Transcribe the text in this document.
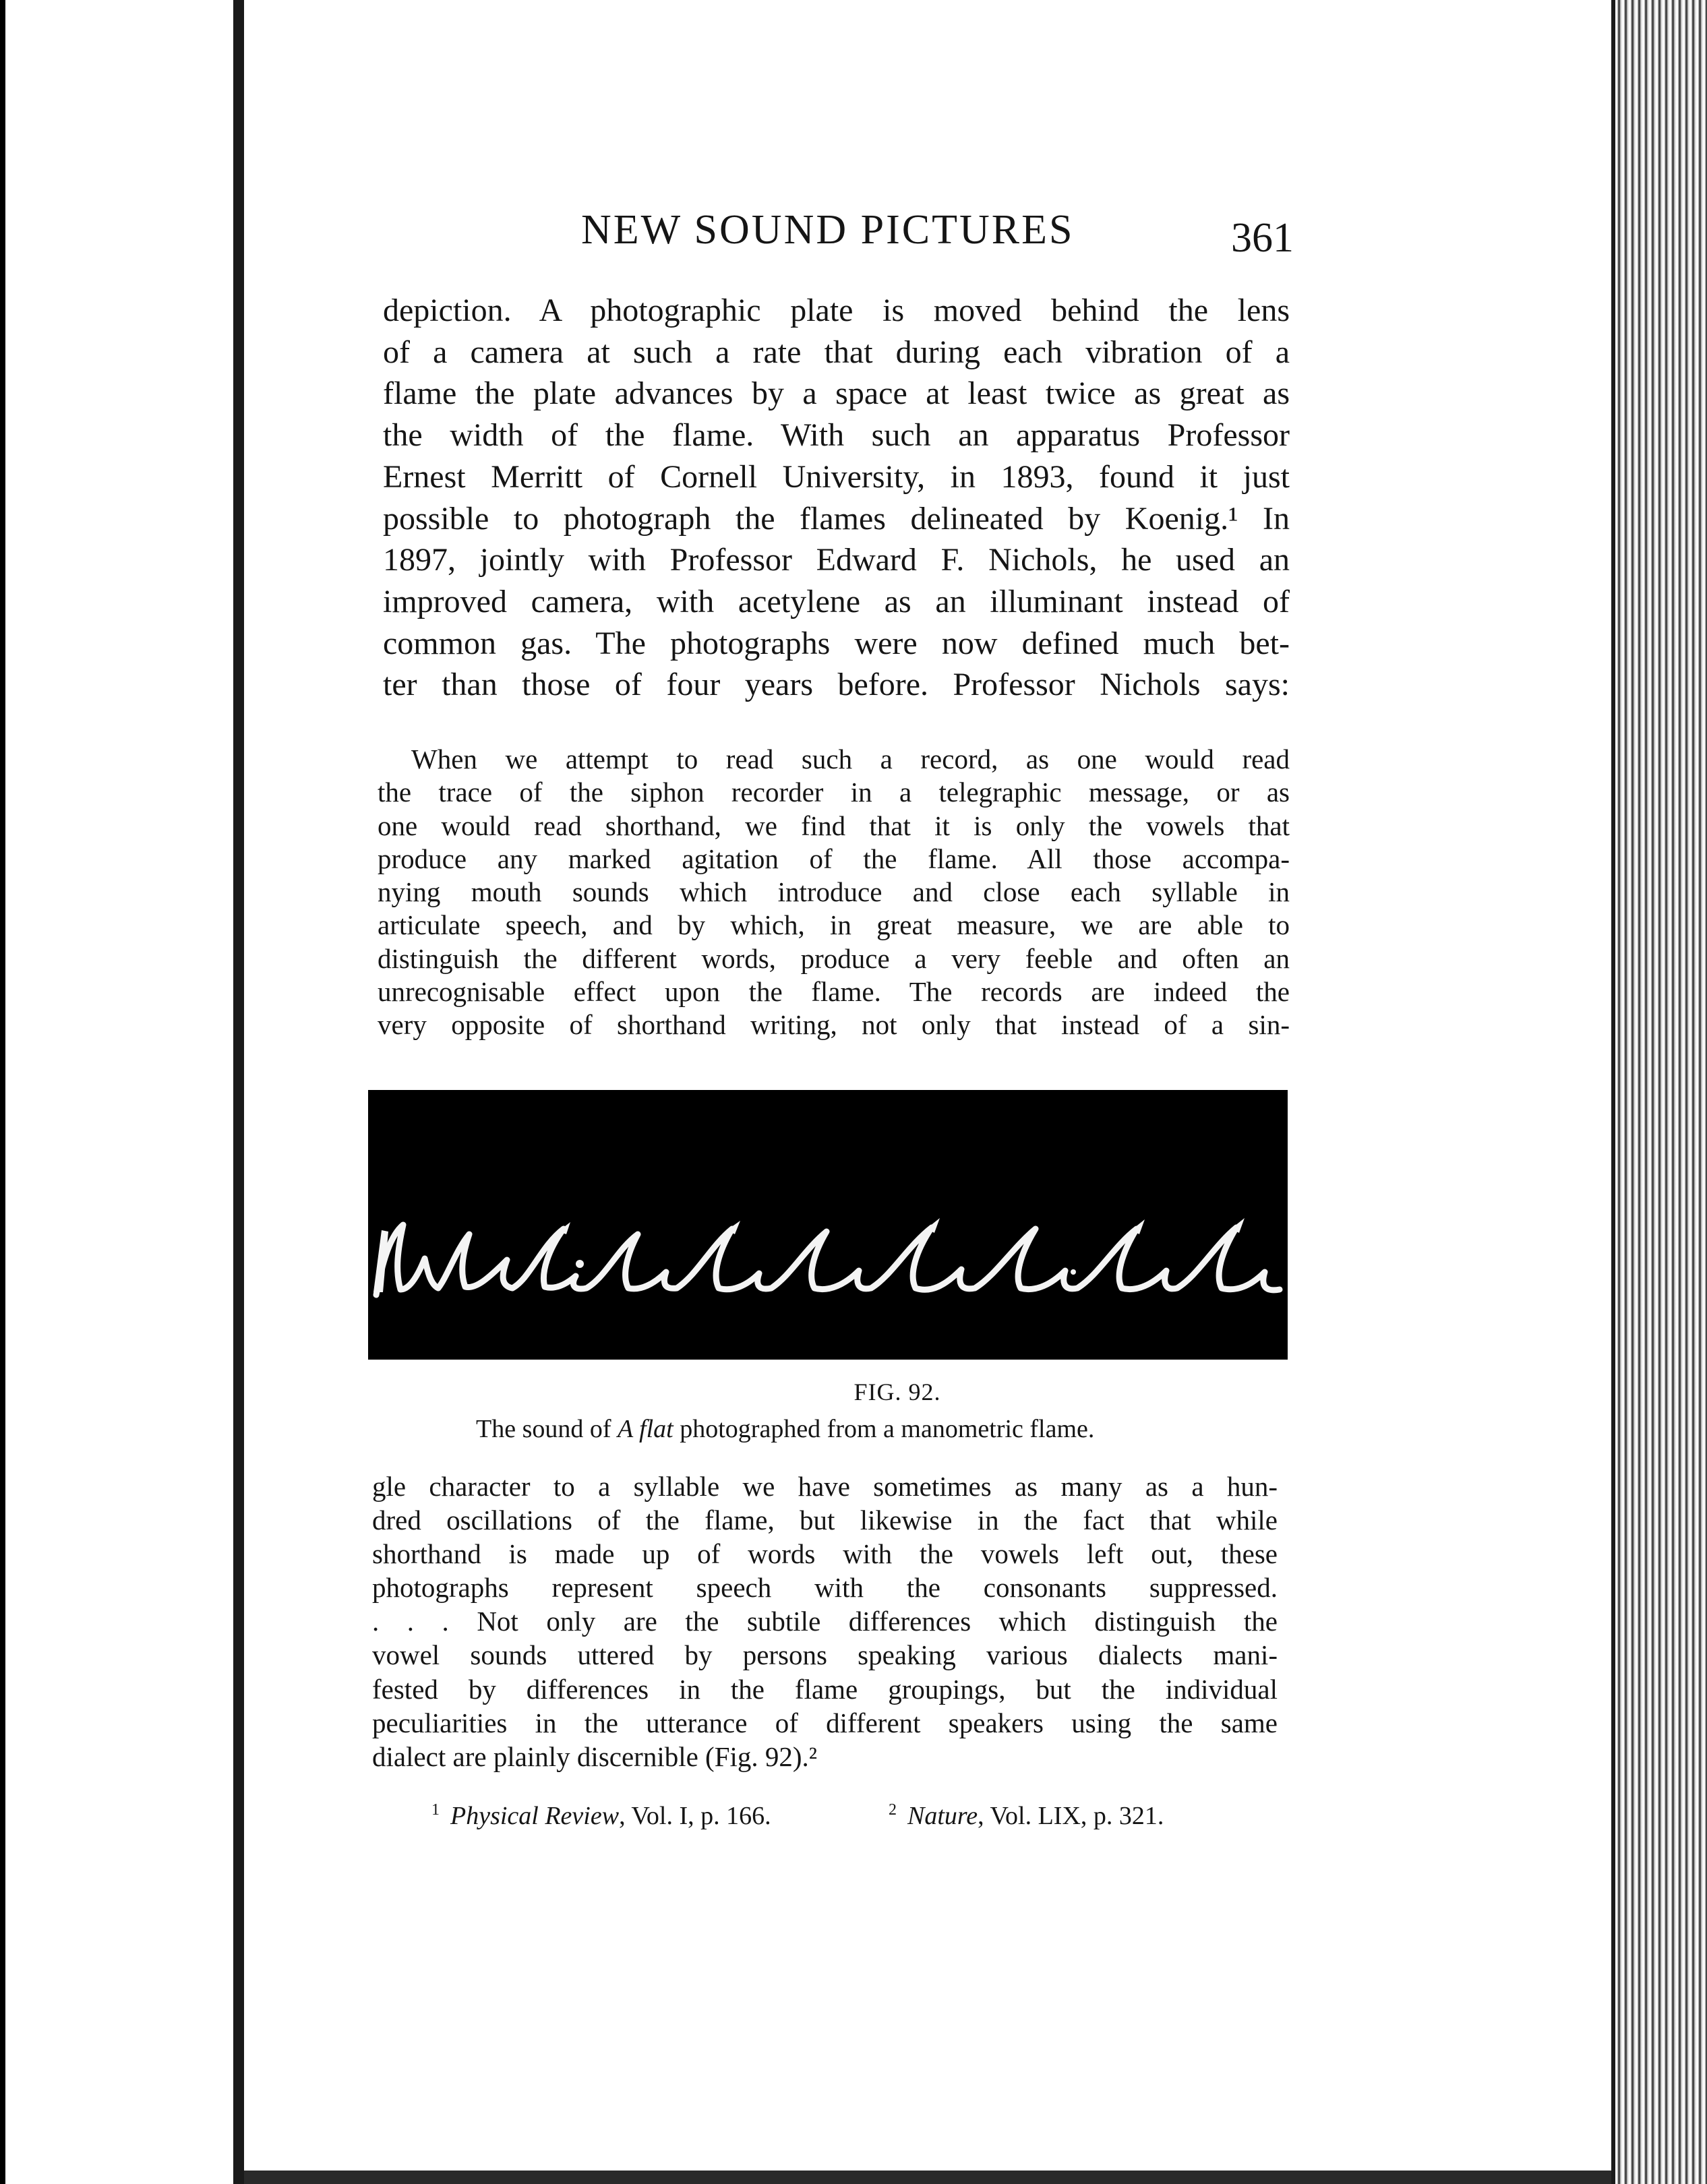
NEW SOUND PICTURES	361
depiction. A photographic plate is moved behind the lens
of a camera at such a rate that during each vibration of a
flame the plate advances by a space at least twice as great as
the width of the flame. With such an apparatus Professor
Ernest Merritt of Cornell University, in 1893, found it just
possible to photograph the flames delineated by Koenig.¹ In
1897, jointly with Professor Edward F. Nichols, he used an
improved camera, with acetylene as an illuminant instead of
common gas. The photographs were now defined much bet-
ter than those of four years before. Professor Nichols says:
When we attempt to read such a record, as one would read
the trace of the siphon recorder in a telegraphic message, or as
one would read shorthand, we find that it is only the vowels that
produce any marked agitation of the flame. All those accompa-
nying mouth sounds which introduce and close each syllable in
articulate speech, and by which, in great measure, we are able to
distinguish the different words, produce a very feeble and often an
unrecognisable effect upon the flame. The records are indeed the
very opposite of shorthand writing, not only that instead of a sin-
FIG. 92.
The sound of A flat photographed from a manometric flame.
gle character to a syllable we have sometimes as many as a hun-
dred oscillations of the flame, but likewise in the fact that while
shorthand is made up of words with the vowels left out, these
photographs represent speech with the consonants suppressed.
. . . Not only are the subtile differences which distinguish the
vowel sounds uttered by persons speaking various dialects mani-
fested by differences in the flame groupings, but the individual
peculiarities in the utterance of different speakers using the same
dialect are plainly discernible (Fig. 92).²
$^1$ Physical Review, Vol. I, p. 166.	$^2$ Nature, Vol. LIX, p. 321.
